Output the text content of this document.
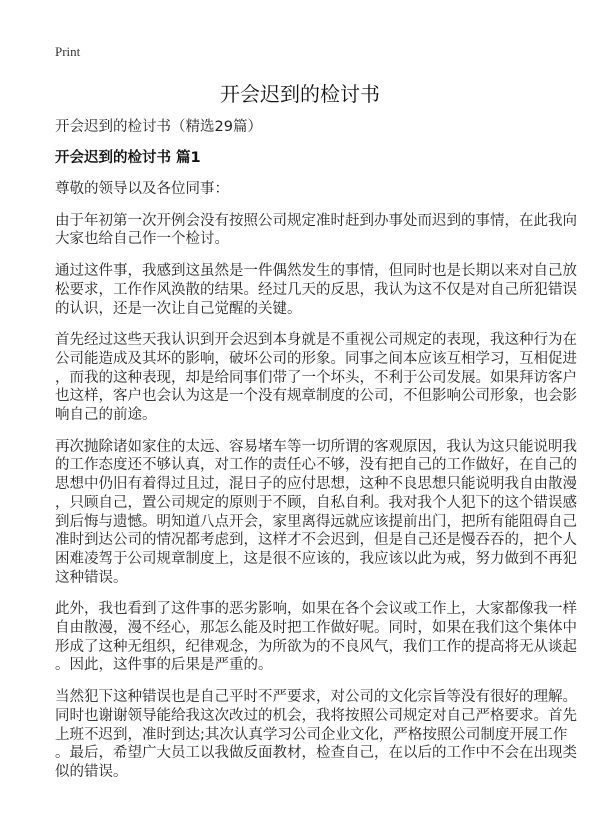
Print
开会迟到的检讨书
开会迟到的检讨书（精选29篇）
开会迟到的检讨书 篇1
尊敬的领导以及各位同事：
由于年初第一次开例会没有按照公司规定准时赶到办事处而迟到的事情，在此我向
大家也给自己作一个检讨。
通过这件事，我感到这虽然是一件偶然发生的事情，但同时也是长期以来对自己放
松要求，工作作风涣散的结果。经过几天的反思，我认为这不仅是对自己所犯错误
的认识，还是一次让自己觉醒的关键。
首先经过这些天我认识到开会迟到本身就是不重视公司规定的表现，我这种行为在
公司能造成及其坏的影响，破坏公司的形象。同事之间本应该互相学习，互相促进
，而我的这种表现，却是给同事们带了一个坏头，不利于公司发展。如果拜访客户
也这样，客户也会认为这是一个没有规章制度的公司，不但影响公司形象，也会影
响自己的前途。
再次抛除诸如家住的太远、容易堵车等一切所谓的客观原因，我认为这只能说明我
的工作态度还不够认真，对工作的责任心不够，没有把自己的工作做好，在自己的
思想中仍旧有着得过且过，混日子的应付思想，这种不良思想只能说明我自由散漫
，只顾自己，置公司规定的原则于不顾，自私自利。我对我个人犯下的这个错误感
到后悔与遗憾。明知道八点开会，家里离得远就应该提前出门，把所有能阻碍自己
准时到达公司的情况都考虑到，这样才不会迟到，但是自己还是慢吞吞的，把个人
困难凌驾于公司规章制度上，这是很不应该的，我应该以此为戒，努力做到不再犯
这种错误。
此外，我也看到了这件事的恶劣影响，如果在各个会议或工作上，大家都像我一样
自由散漫，漫不经心，那怎么能及时把工作做好呢。同时，如果在我们这个集体中
形成了这种无组织，纪律观念，为所欲为的不良风气，我们工作的提高将无从谈起
。因此，这件事的后果是严重的。
当然犯下这种错误也是自己平时不严要求，对公司的文化宗旨等没有很好的理解。
同时也谢谢领导能给我这次改过的机会，我将按照公司规定对自己严格要求。首先
上班不迟到，准时到达;其次认真学习公司企业文化，严格按照公司制度开展工作
。最后，希望广大员工以我做反面教材，检查自己，在以后的工作中不会在出现类
似的错误。
